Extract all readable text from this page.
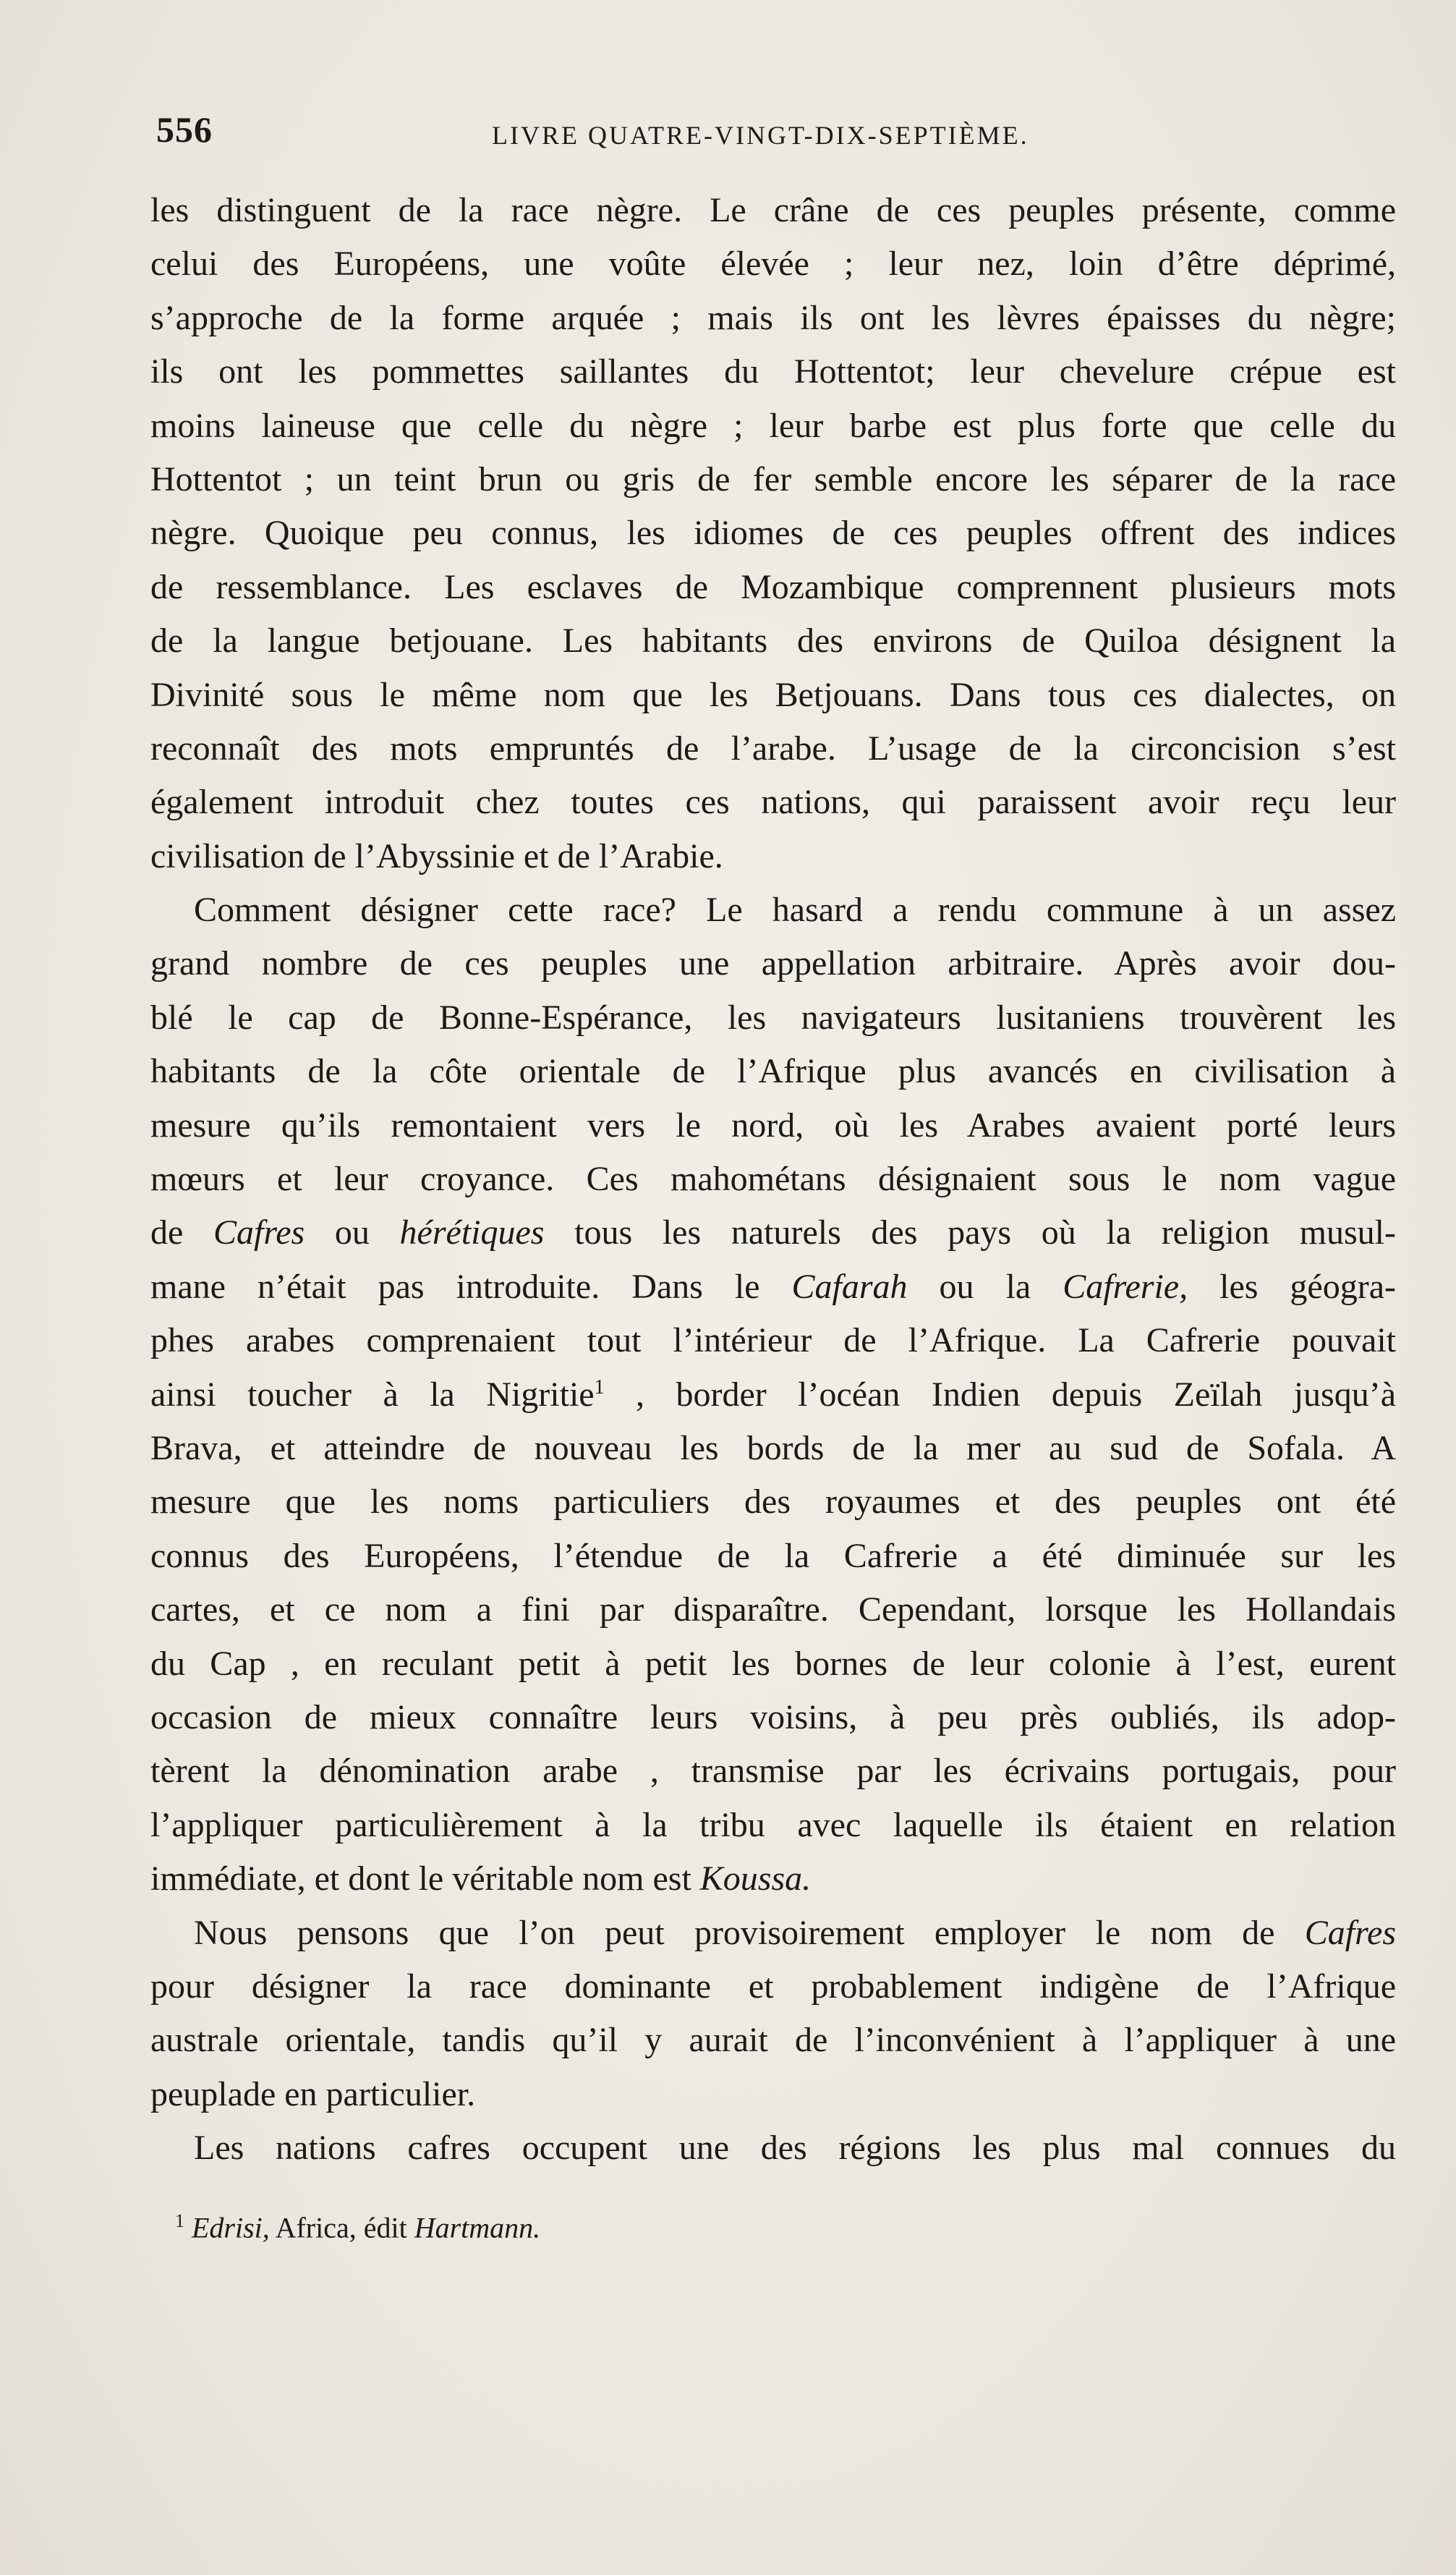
556	LIVRE QUATRE-VINGT-DIX-SEPTIÈME.
les distinguent de la race nègre. Le crâne de ces peuples présente, comme
celui des Européens, une voûte élevée ; leur nez, loin d’être déprimé,
s’approche de la forme arquée ; mais ils ont les lèvres épaisses du nègre;
ils ont les pommettes saillantes du Hottentot; leur chevelure crépue est
moins laineuse que celle du nègre ; leur barbe est plus forte que celle du
Hottentot ; un teint brun ou gris de fer semble encore les séparer de la race
nègre. Quoique peu connus, les idiomes de ces peuples offrent des indices
de ressemblance. Les esclaves de Mozambique comprennent plusieurs mots
de la langue betjouane. Les habitants des environs de Quiloa désignent la
Divinité sous le même nom que les Betjouans. Dans tous ces dialectes, on
reconnaît des mots empruntés de l’arabe. L’usage de la circoncision s’est
également introduit chez toutes ces nations, qui paraissent avoir reçu leur
civilisation de l’Abyssinie et de l’Arabie.
Comment désigner cette race? Le hasard a rendu commune à un assez
grand nombre de ces peuples une appellation arbitraire. Après avoir dou-
blé le cap de Bonne-Espérance, les navigateurs lusitaniens trouvèrent les
habitants de la côte orientale de l’Afrique plus avancés en civilisation à
mesure qu’ils remontaient vers le nord, où les Arabes avaient porté leurs
mœurs et leur croyance. Ces mahométans désignaient sous le nom vague
de Cafres ou hérétiques tous les naturels des pays où la religion musul-
mane n’était pas introduite. Dans le Cafarah ou la Cafrerie, les géogra-
phes arabes comprenaient tout l’intérieur de l’Afrique. La Cafrerie pouvait
ainsi toucher à la Nigritie$^1$ , border l’océan Indien depuis Zeïlah jusqu’à
Brava, et atteindre de nouveau les bords de la mer au sud de Sofala. A
mesure que les noms particuliers des royaumes et des peuples ont été
connus des Européens, l’étendue de la Cafrerie a été diminuée sur les
cartes, et ce nom a fini par disparaître. Cependant, lorsque les Hollandais
du Cap , en reculant petit à petit les bornes de leur colonie à l’est, eurent
occasion de mieux connaître leurs voisins, à peu près oubliés, ils adop-
tèrent la dénomination arabe , transmise par les écrivains portugais, pour
l’appliquer particulièrement à la tribu avec laquelle ils étaient en relation
immédiate, et dont le véritable nom est Koussa.
Nous pensons que l’on peut provisoirement employer le nom de Cafres
pour désigner la race dominante et probablement indigène de l’Afrique
australe orientale, tandis qu’il y aurait de l’inconvénient à l’appliquer à une
peuplade en particulier.
Les nations cafres occupent une des régions les plus mal connues du
$^1$ Edrisi, Africa, édit Hartmann.
